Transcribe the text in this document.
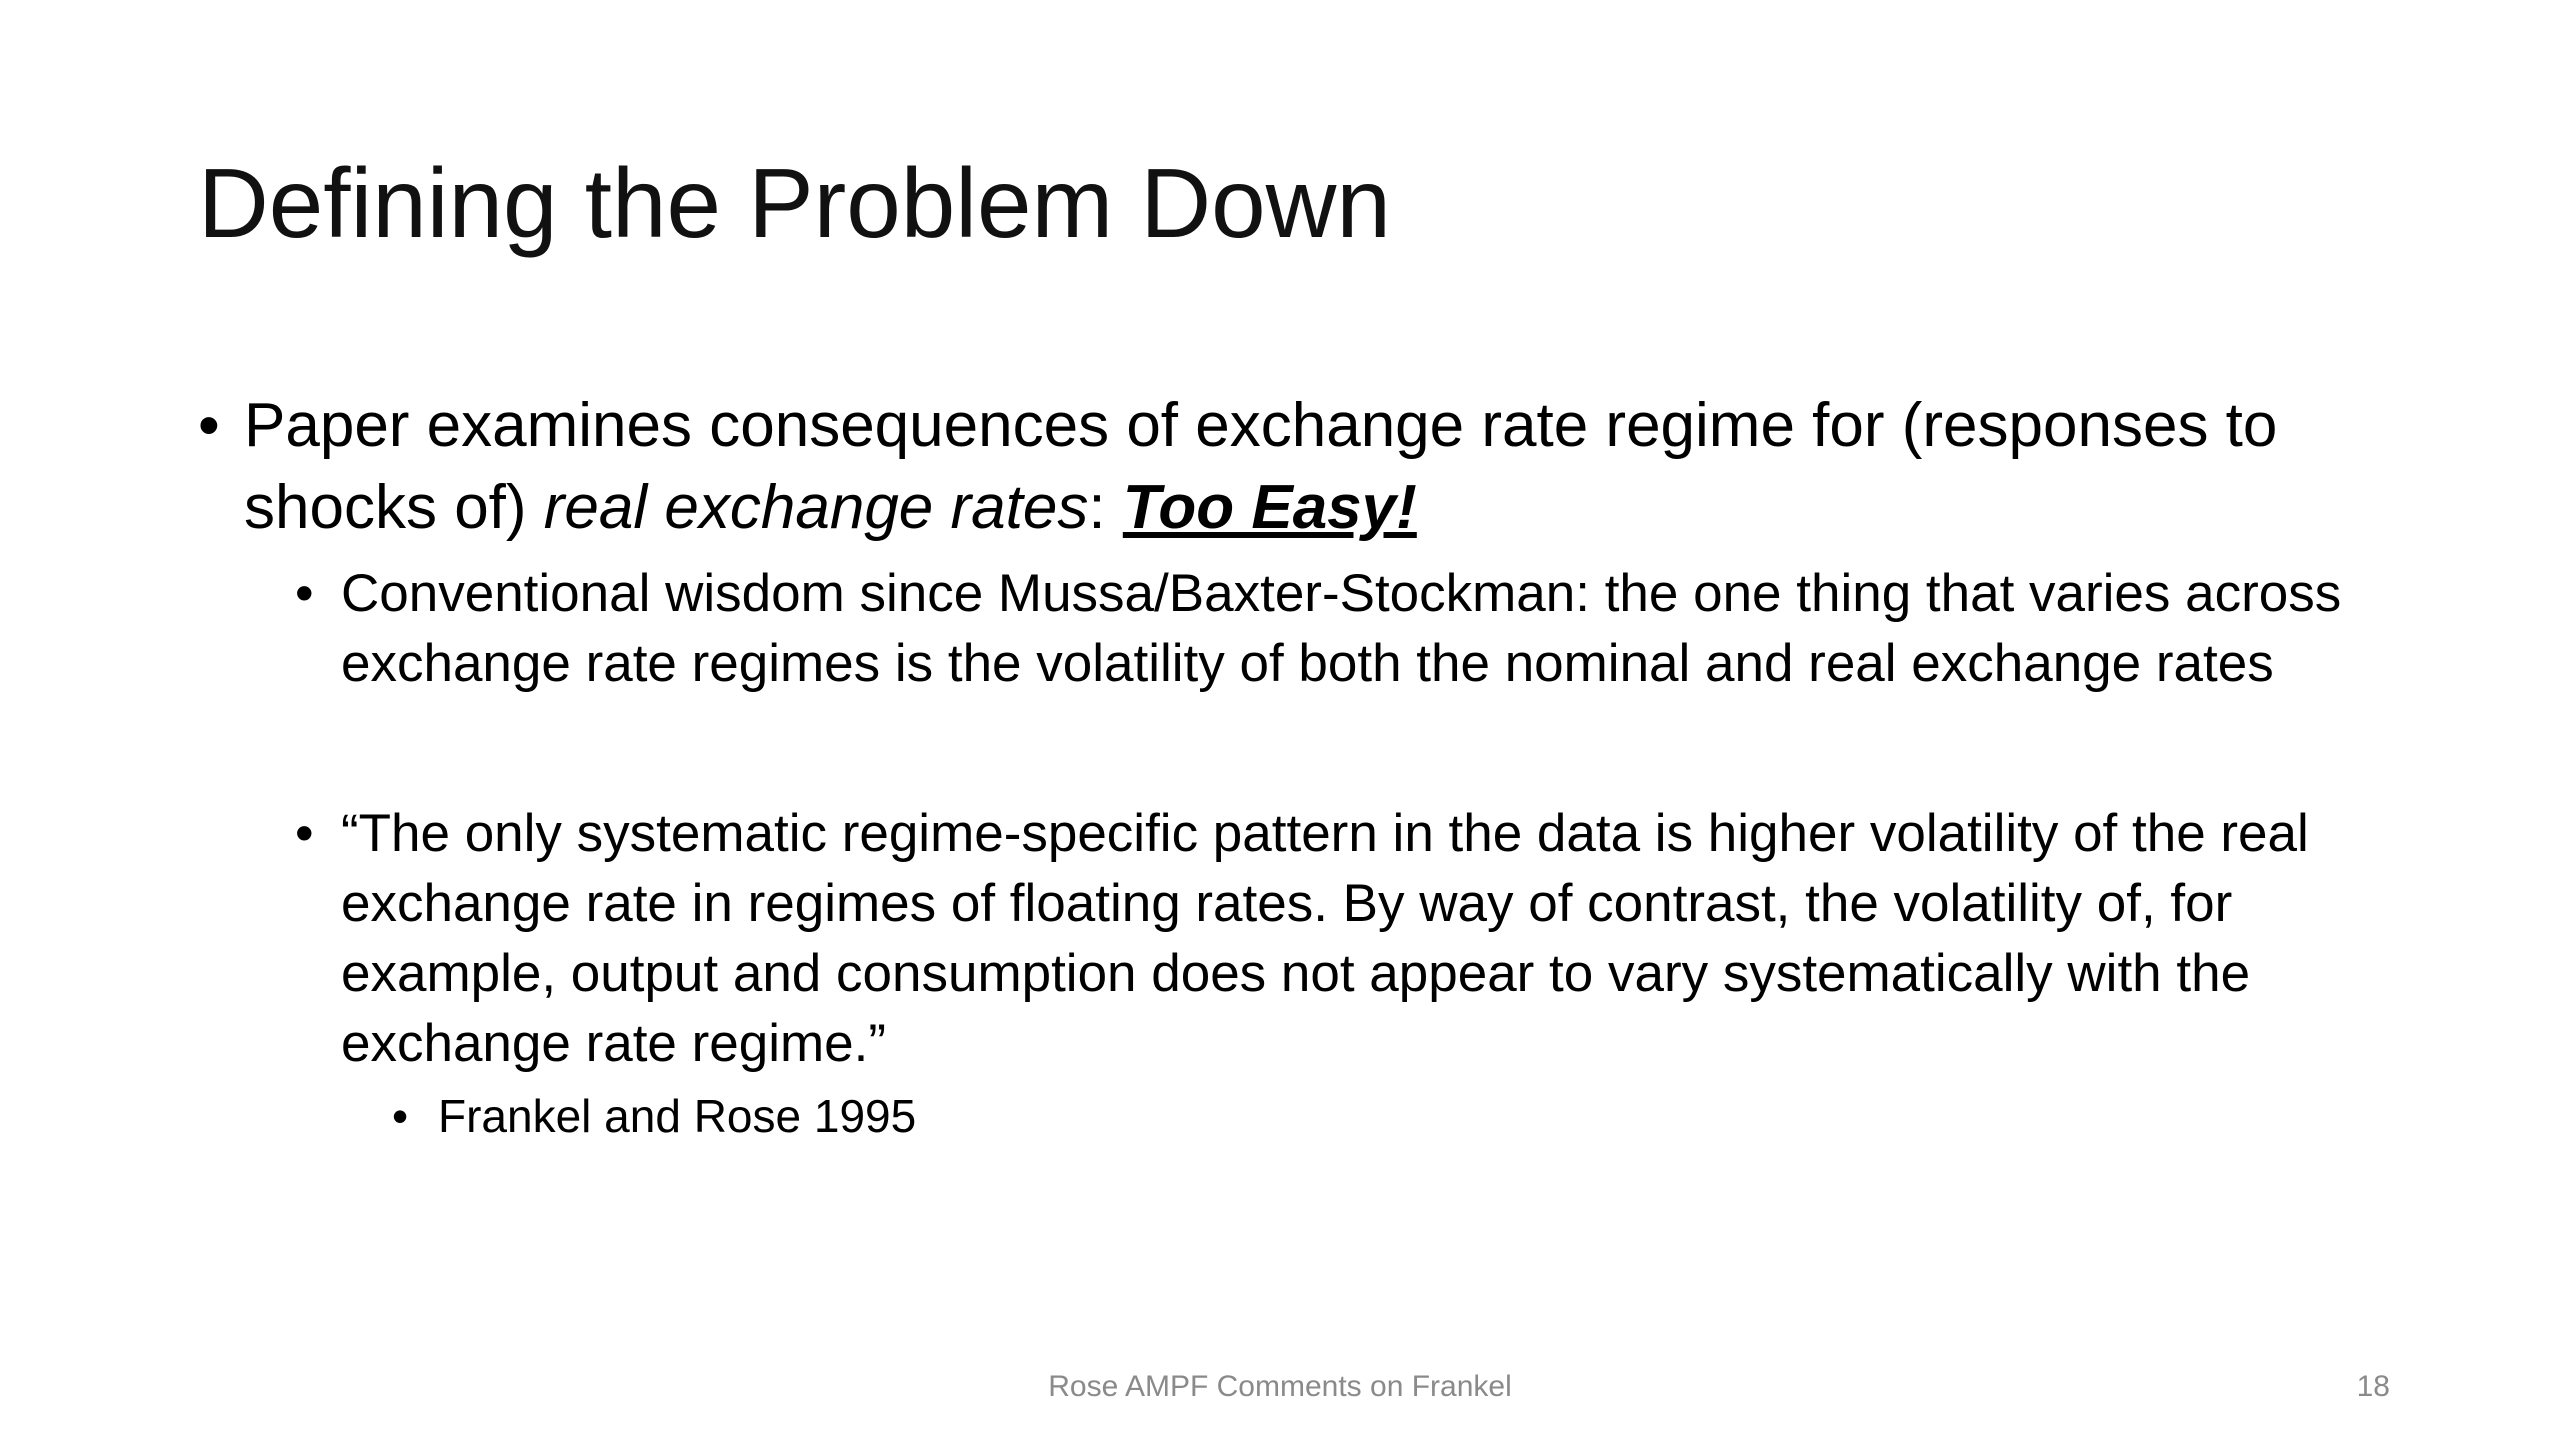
Defining the Problem Down

• Paper examines consequences of exchange rate regime for (responses to shocks of) real exchange rates: Too Easy!

• Conventional wisdom since Mussa/Baxter-Stockman: the one thing that varies across exchange rate regimes is the volatility of both the nominal and real exchange rates

• “The only systematic regime-specific pattern in the data is higher volatility of the real exchange rate in regimes of floating rates. By way of contrast, the volatility of, for example, output and consumption does not appear to vary systematically with the exchange rate regime.”

• Frankel and Rose 1995

Rose AMPF Comments on Frankel	18
